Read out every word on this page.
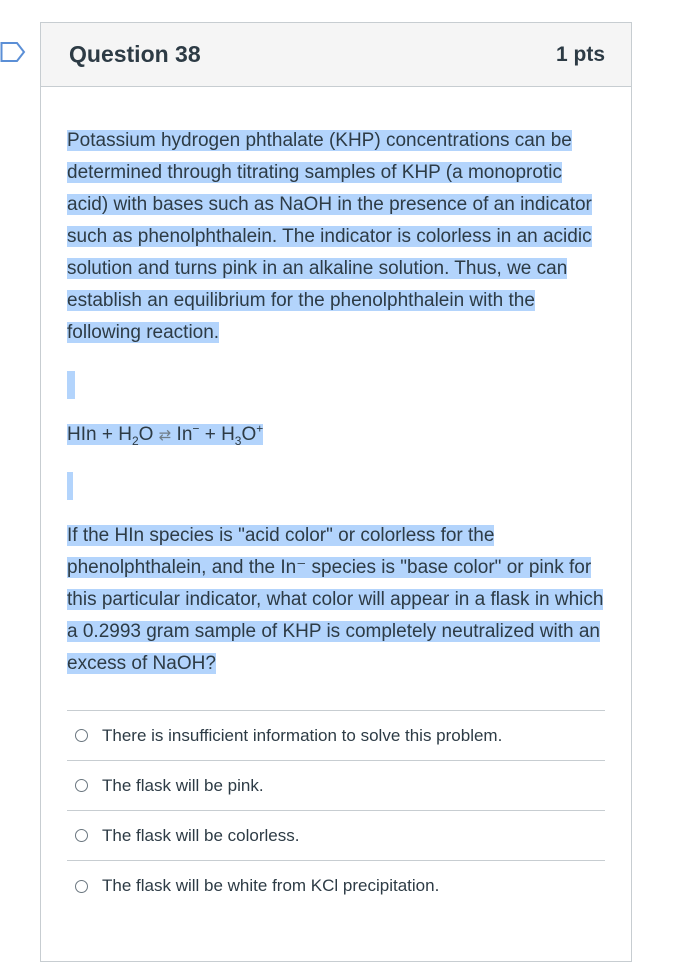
Question 38	1 pts

Potassium hydrogen phthalate (KHP) concentrations can be determined through titrating samples of KHP (a monoprotic acid) with bases such as NaOH in the presence of an indicator such as phenolphthalein. The indicator is colorless in an acidic solution and turns pink in an alkaline solution. Thus, we can establish an equilibrium for the phenolphthalein with the following reaction.

HIn + $H_2O$ ⇄ $In^- + H_3O^+$

If the HIn species is "acid color" or colorless for the phenolphthalein, and the In⁻ species is "base color" or pink for this particular indicator, what color will appear in a flask in which a 0.2993 gram sample of KHP is completely neutralized with an excess of NaOH?

There is insufficient information to solve this problem.
The flask will be pink.
The flask will be colorless.
The flask will be white from KCl precipitation.
